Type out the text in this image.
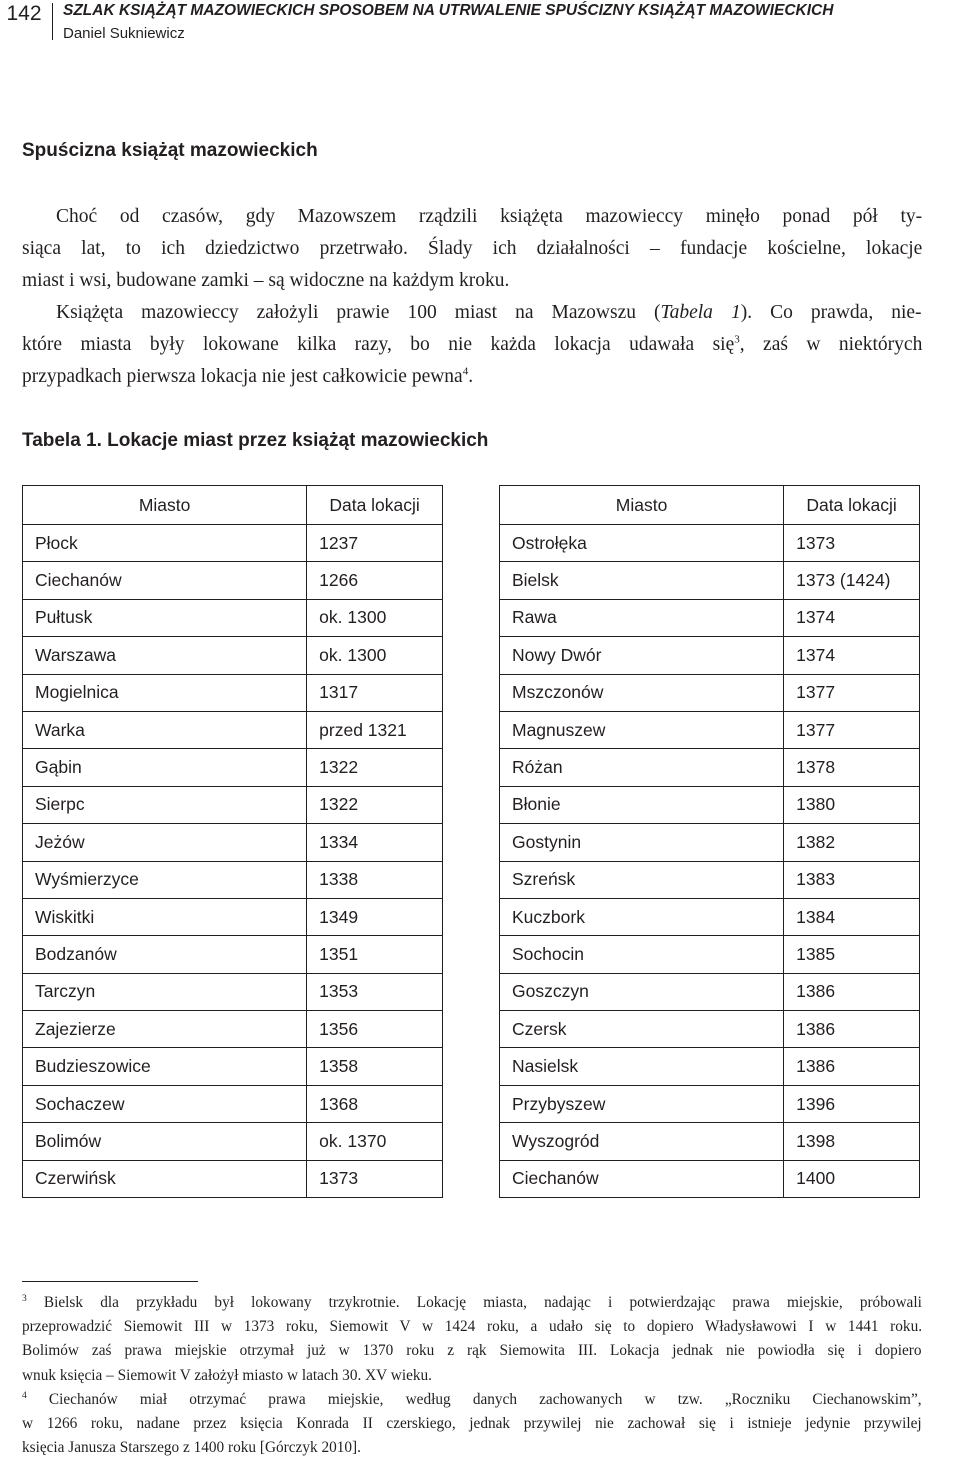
142	SZLAK KSIĄŻĄT MAZOWIECKICH SPOSOBEM NA UTRWALENIE SPUŚCIZNY KSIĄŻĄT MAZOWIECKICH
Daniel Sukniewicz
Spuścizna książąt mazowieckich
Choć od czasów, gdy Mazowszem rządzili książęta mazowieccy minęło ponad pół ty-
siąca lat, to ich dziedzictwo przetrwało. Ślady ich działalności – fundacje kościelne, lokacje
miast i wsi, budowane zamki – są widoczne na każdym kroku.
Książęta mazowieccy założyli prawie 100 miast na Mazowszu (Tabela 1). Co prawda, nie-
które miasta były lokowane kilka razy, bo nie każda lokacja udawała się$^3$, zaś w niektórych
przypadkach pierwsza lokacja nie jest całkowicie pewna$^4$.
Tabela 1. Lokacje miast przez książąt mazowieckich
Miasto	Data lokacji
Płock	1237
Ciechanów	1266
Pułtusk	ok. 1300
Warszawa	ok. 1300
Mogielnica	1317
Warka	przed 1321
Gąbin	1322
Sierpc	1322
Jeżów	1334
Wyśmierzyce	1338
Wiskitki	1349
Bodzanów	1351
Tarczyn	1353
Zajezierze	1356
Budzieszowice	1358
Sochaczew	1368
Bolimów	ok. 1370
Czerwińsk	1373
Miasto	Data lokacji
Ostrołęka	1373
Bielsk	1373 (1424)
Rawa	1374
Nowy Dwór	1374
Mszczonów	1377
Magnuszew	1377
Różan	1378
Błonie	1380
Gostynin	1382
Szreńsk	1383
Kuczbork	1384
Sochocin	1385
Goszczyn	1386
Czersk	1386
Nasielsk	1386
Przybyszew	1396
Wyszogród	1398
Ciechanów	1400
$^3$ Bielsk dla przykładu był lokowany trzykrotnie. Lokację miasta, nadając i potwierdzając prawa miejskie, próbowali
przeprowadzić Siemowit III w 1373 roku, Siemowit V w 1424 roku, a udało się to dopiero Władysławowi I w 1441 roku.
Bolimów zaś prawa miejskie otrzymał już w 1370 roku z rąk Siemowita III. Lokacja jednak nie powiodła się i dopiero
wnuk księcia – Siemowit V założył miasto w latach 30. XV wieku.
$^4$ Ciechanów miał otrzymać prawa miejskie, według danych zachowanych w tzw. „Roczniku Ciechanowskim”,
w 1266 roku, nadane przez księcia Konrada II czerskiego, jednak przywilej nie zachował się i istnieje jedynie przywilej
księcia Janusza Starszego z 1400 roku [Górczyk 2010].
